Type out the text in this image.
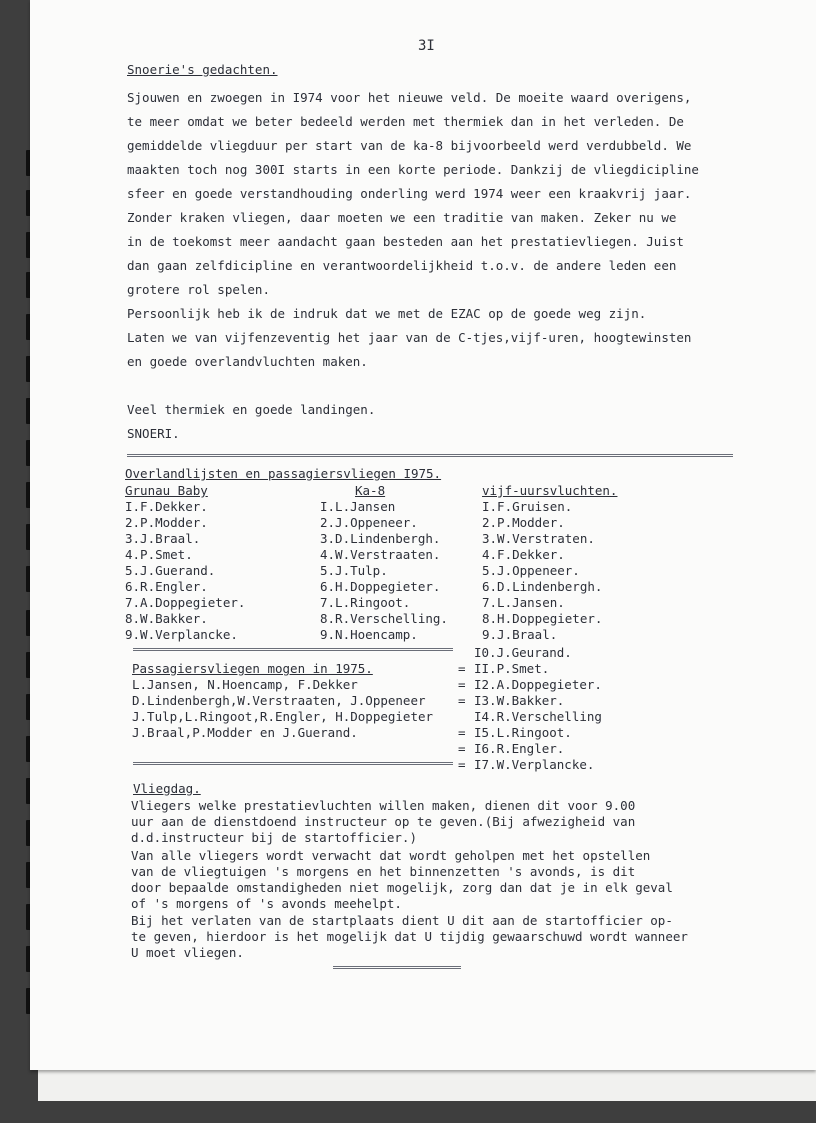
3I
Snoerie's gedachten.
Sjouwen en zwoegen in I974 voor het nieuwe veld. De moeite waard overigens,
te meer omdat we beter bedeeld werden met thermiek dan in het verleden. De
gemiddelde vliegduur per start van de ka-8 bijvoorbeeld werd verdubbeld. We
maakten toch nog 300I starts in een korte periode. Dankzij de vliegdicipline
sfeer en goede verstandhouding onderling werd 1974 weer een kraakvrij jaar.
Zonder kraken vliegen, daar moeten we een traditie van maken. Zeker nu we
in de toekomst meer aandacht gaan besteden aan het prestatievliegen. Juist
dan gaan zelfdicipline en verantwoordelijkheid t.o.v. de andere leden een
grotere rol spelen.
Persoonlijk heb ik de indruk dat we met de EZAC op de goede weg zijn.
Laten we van vijfenzeventig het jaar van de C-tjes,vijf-uren, hoogtewinsten
en goede overlandvluchten maken.
Veel thermiek en goede landingen.
SNOERI.
Overlandlijsten en passagiersvliegen I975.
Grunau Baby	Ka-8	vijf-uursvluchten.
I.F.Dekker.
2.P.Modder.
3.J.Braal.
4.P.Smet.
5.J.Guerand.
6.R.Engler.
7.A.Doppegieter.
8.W.Bakker.
9.W.Verplancke.
I.L.Jansen
2.J.Oppeneer.
3.D.Lindenbergh.
4.W.Verstraaten.
5.J.Tulp.
6.H.Doppegieter.
7.L.Ringoot.
8.R.Verschelling.
9.N.Hoencamp.
I.F.Gruisen.
2.P.Modder.
3.W.Verstraten.
4.F.Dekker.
5.J.Oppeneer.
6.D.Lindenbergh.
7.L.Jansen.
8.H.Doppegieter.
9.J.Braal.
I0.J.Geurand.
II.P.Smet.
I2.A.Doppegieter.
I3.W.Bakker.
I4.R.Verschelling
I5.L.Ringoot.
I6.R.Engler.
I7.W.Verplancke.
=
=
=
=
=
=
Passagiersvliegen mogen in 1975.
L.Jansen, N.Hoencamp, F.Dekker
D.Lindenbergh,W.Verstraaten, J.Oppeneer
J.Tulp,L.Ringoot,R.Engler, H.Doppegieter
J.Braal,P.Modder en J.Guerand.
Vliegdag.
Vliegers welke prestatievluchten willen maken, dienen dit voor 9.00
uur aan de dienstdoend instructeur op te geven.(Bij afwezigheid van
d.d.instructeur bij de startofficier.)
Van alle vliegers wordt verwacht dat wordt geholpen met het opstellen
van de vliegtuigen 's morgens en het binnenzetten 's avonds, is dit
door bepaalde omstandigheden niet mogelijk, zorg dan dat je in elk geval
of 's morgens of 's avonds meehelpt.
Bij het verlaten van de startplaats dient U dit aan de startofficier op-
te geven, hierdoor is het mogelijk dat U tijdig gewaarschuwd wordt wanneer
U moet vliegen.
